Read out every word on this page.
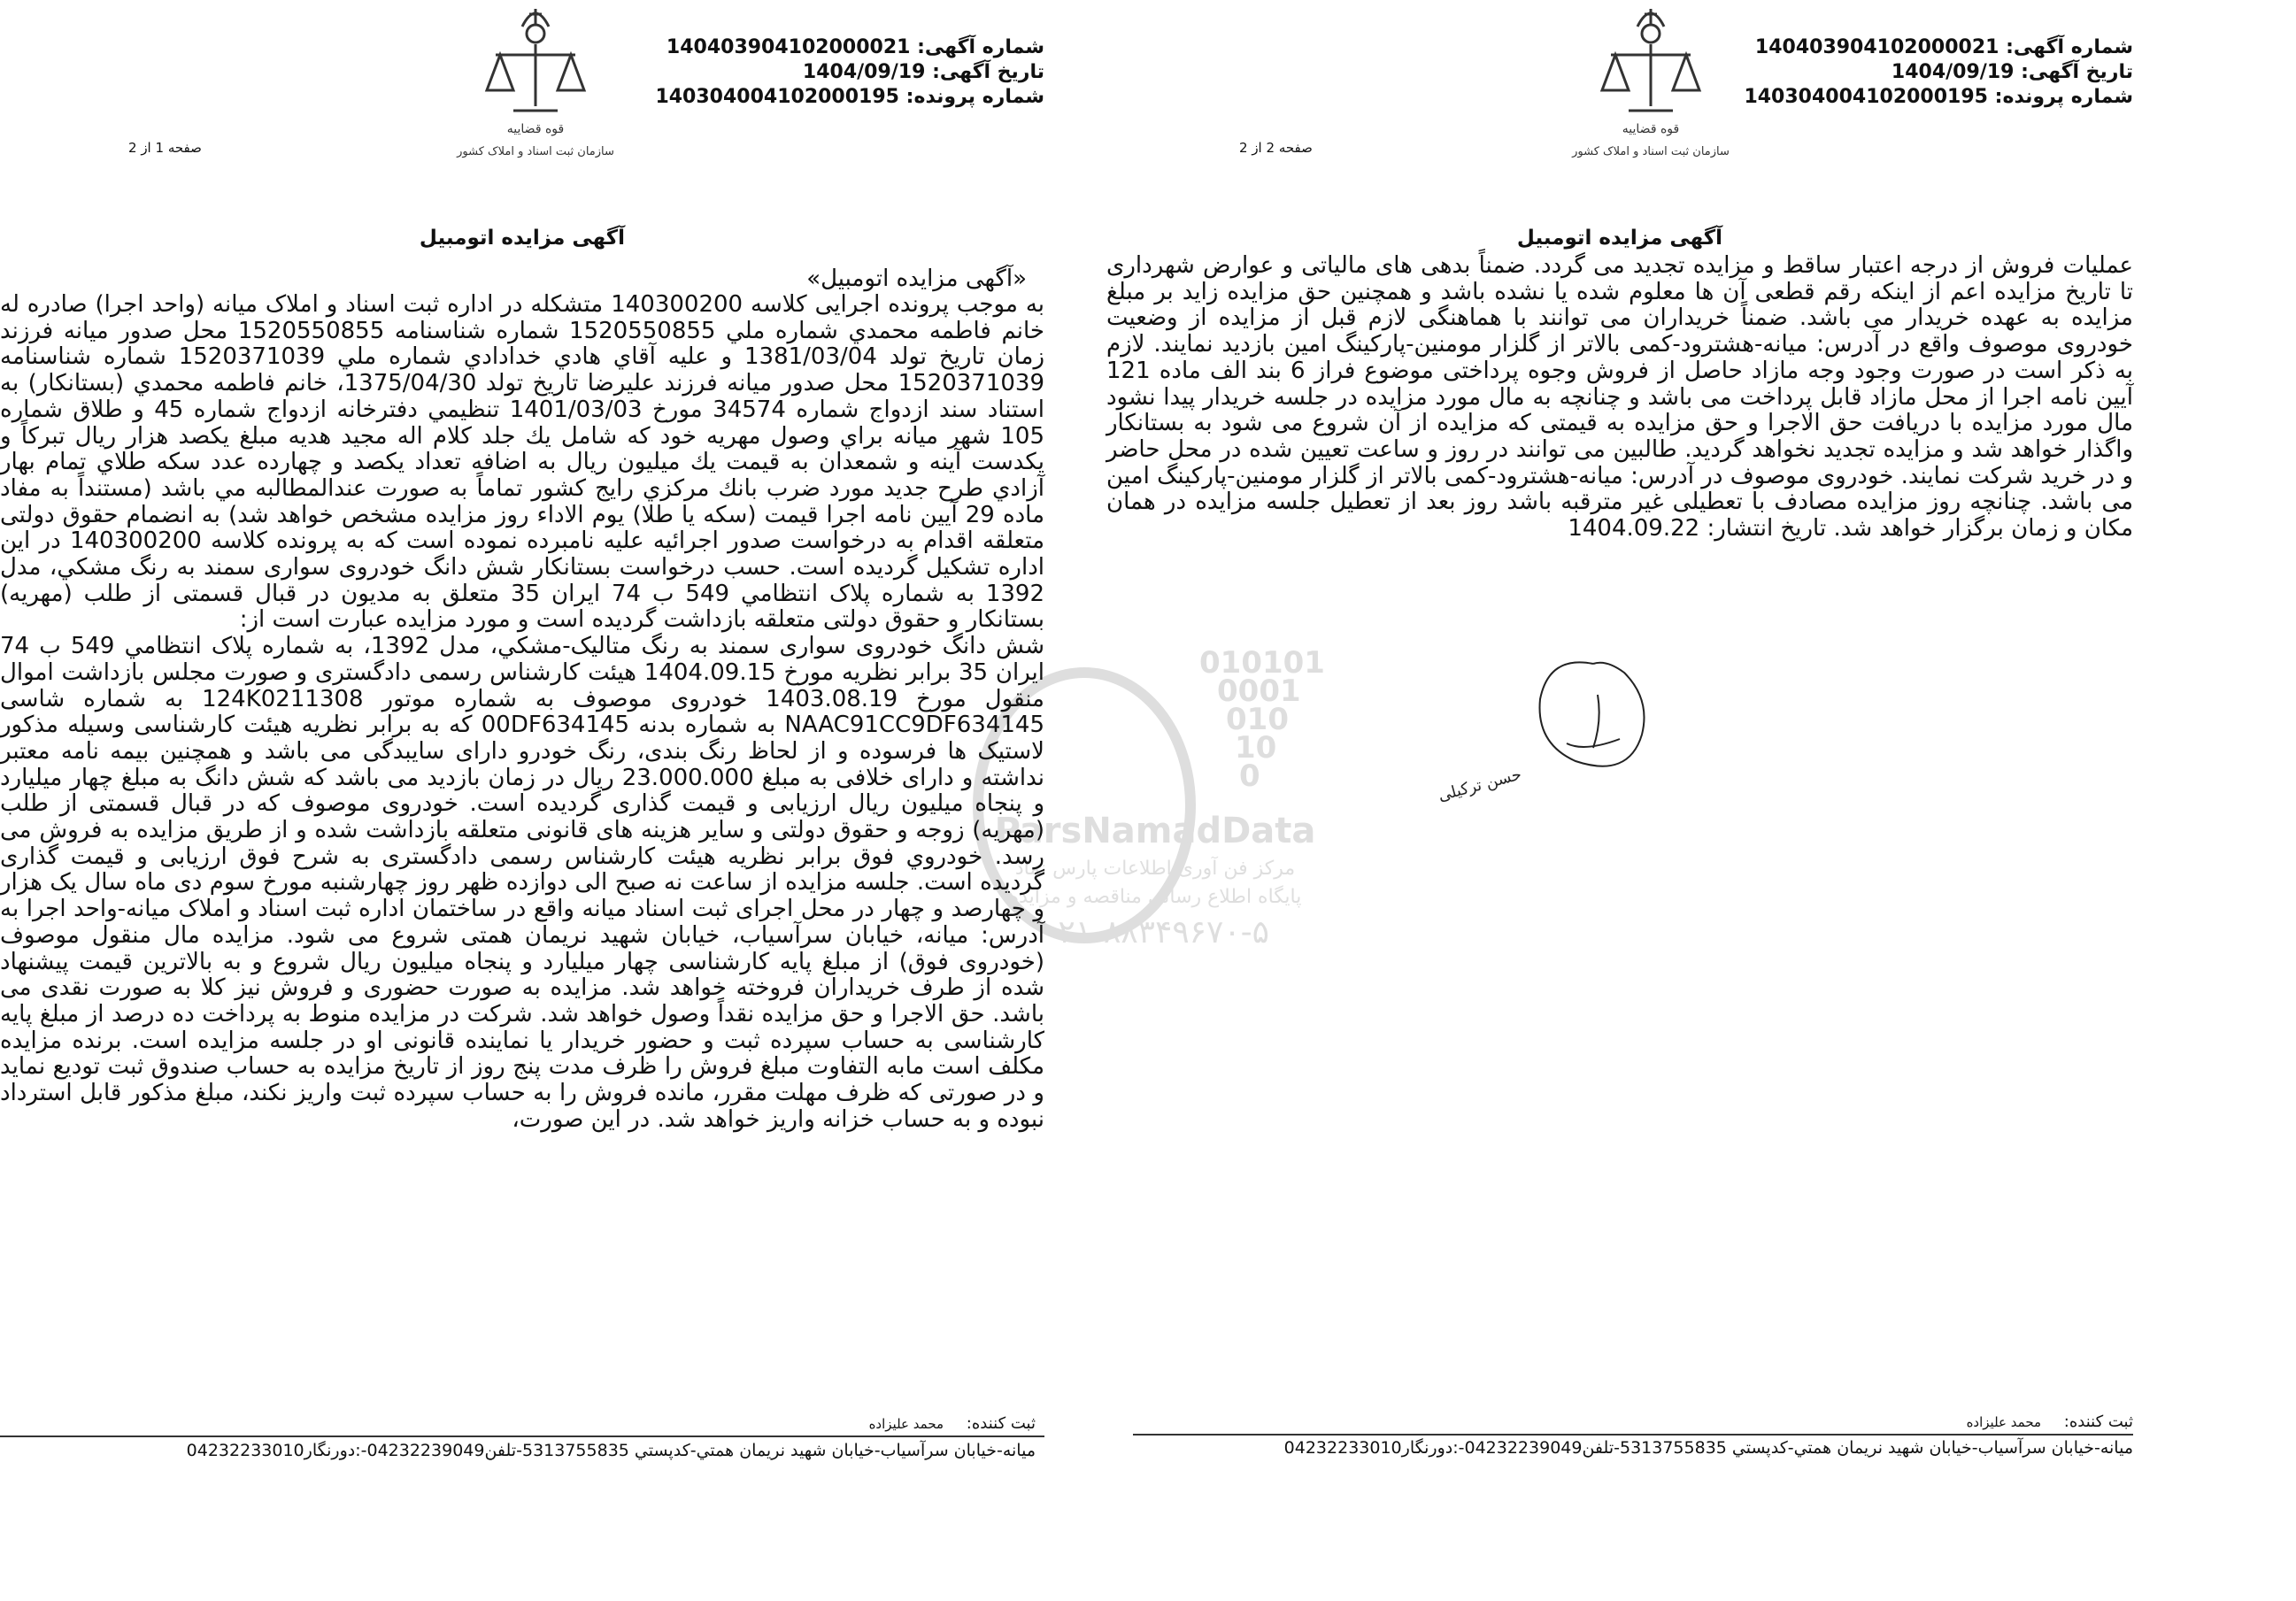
قوه قضاییه
سازمان ثبت اسناد و املاک کشور
شماره آگهی: 140403904102000021
تاریخ آگهی: 1404/09/19
شماره پرونده: 140304004102000195
صفحه 2 از 2
آگهی مزایده اتومبیل

عملیات فروش از درجه اعتبار ساقط و مزایده تجدید می گردد. ضمناً بدهی های مالیاتی و عوارض شهرداری تا تاریخ مزایده اعم از اینکه رقم قطعی آن ها معلوم شده یا نشده باشد و همچنین حق مزایده زاید بر مبلغ مزایده به عهده خریدار می باشد. ضمناً خریداران می توانند با هماهنگی لازم قبل از مزایده از وضعیت خودروی موصوف واقع در آدرس: میانه-هشترود-کمی بالاتر از گلزار مومنین-پارکینگ امین بازدید نمایند. لازم به ذکر است در صورت وجود وجه مازاد حاصل از فروش وجوه پرداختی موضوع فراز 6 بند الف ماده 121 آیین نامه اجرا از محل مازاد قابل پرداخت می باشد و چنانچه به مال مورد مزایده در جلسه خریدار پیدا نشود مال مورد مزایده با دریافت حق الاجرا و حق مزایده به قیمتی که مزایده از آن شروع می شود به بستانکار واگذار خواهد شد و مزایده تجدید نخواهد گردید. طالبین می توانند در روز و ساعت تعیین شده در محل حاضر و در خرید شرکت نمایند. خودروی موصوف در آدرس: میانه-هشترود-کمی بالاتر از گلزار مومنین-پارکینگ امین می باشد. چنانچه روز مزایده مصادف با تعطیلی غیر مترقبه باشد روز بعد از تعطیل جلسه مزایده در همان مکان و زمان برگزار خواهد شد. تاریخ انتشار: 1404.09.22

ثبت کننده: محمد علیزاده
میانه-خیابان سرآسیاب-خیابان شهید نریمان همتي-کدپستي 5313755835-تلفن04232239049-:دورنگار04232233010
حسن ترکیلی
010101
0001
010
10
0
ParsNamadData
مرکز فن آوری اطلاعات پارس نماد
پایگاه اطلاع رسانی مناقصه و مزایده
۰۲۱-۸۸۳۴۹۶۷۰-۵
قوه قضاییه
سازمان ثبت اسناد و املاک کشور
شماره آگهی: 140403904102000021
تاریخ آگهی: 1404/09/19
شماره پرونده: 140304004102000195
صفحه 1 از 2
آگهی مزایده اتومبیل
«آگهی مزایده اتومبیل»

به موجب پرونده اجرایی کلاسه 140300200 متشکله در اداره ثبت اسناد و املاک میانه (واحد اجرا) صادره له خانم فاطمه محمدي شماره ملي 1520550855 شماره شناسنامه 1520550855 محل صدور میانه فرزند زمان تاریخ تولد 1381/03/04 و علیه آقاي هادي خدادادي شماره ملي 1520371039 شماره شناسنامه 1520371039 محل صدور میانه فرزند علیرضا تاریخ تولد 1375/04/30، خانم فاطمه محمدي (بستانکار) به استناد سند ازدواج شماره 34574 مورخ 1401/03/03 تنظیمي دفترخانه ازدواج شماره 45 و طلاق شماره 105 شهر میانه براي وصول مهریه خود که شامل یك جلد کلام اله مجید هدیه مبلغ یکصد هزار ریال تبرکاً و یکدست آینه و شمعدان به قیمت یك میلیون ریال به اضافه تعداد یکصد و چهارده عدد سکه طلاي تمام بهار آزادي طرح جدید مورد ضرب بانك مرکزي رایج کشور تماماً به صورت عندالمطالبه مي باشد (مستنداً به مفاد ماده 29 آیین نامه اجرا قیمت (سکه یا طلا) یوم الاداء روز مزایده مشخص خواهد شد) به انضمام حقوق دولتی متعلقه اقدام به درخواست صدور اجرائیه علیه نامبرده نموده است که به پرونده کلاسه 140300200 در این اداره تشکیل گردیده است. حسب درخواست بستانکار شش دانگ خودروی سواری سمند به رنگ مشکي، مدل 1392 به شماره پلاک انتظامي 549 ب 74 ایران 35 متعلق به مدیون در قبال قسمتی از طلب (مهریه) بستانکار و حقوق دولتی متعلقه بازداشت گردیده است و مورد مزایده عبارت است از:

شش دانگ خودروی سواری سمند به رنگ متالیک-مشکي، مدل 1392، به شماره پلاک انتظامي 549 ب 74 ایران 35 برابر نظریه مورخ 1404.09.15 هیئت کارشناس رسمی دادگستری و صورت مجلس بازداشت اموال منقول مورخ 1403.08.19 خودروی موصوف به شماره موتور 124K0211308 به شماره شاسی NAAC91CC9DF634145 به شماره بدنه 00DF634145 که به برابر نظریه هیئت کارشناسی وسیله مذکور لاستیک ها فرسوده و از لحاظ رنگ بندی، رنگ خودرو دارای سایبدگی می باشد و همچنین بیمه نامه معتبر نداشته و دارای خلافی به مبلغ 23.000.000 ریال در زمان بازدید می باشد که شش دانگ به مبلغ چهار میلیارد و پنجاه میلیون ریال ارزیابی و قیمت گذاری گردیده است. خودروی موصوف که در قبال قسمتی از طلب (مهریه) زوجه و حقوق دولتی و سایر هزینه های قانونی متعلقه بازداشت شده و از طریق مزایده به فروش می رسد. خودروي فوق برابر نظریه هیئت کارشناس رسمی دادگستری به شرح فوق ارزیابی و قیمت گذاری گردیده است. جلسه مزایده از ساعت نه صبح الی دوازده ظهر روز چهارشنبه مورخ سوم دی ماه سال یک هزار و چهارصد و چهار در محل اجرای ثبت اسناد میانه واقع در ساختمان اداره ثبت اسناد و املاک میانه-واحد اجرا به آدرس: میانه، خیابان سرآسیاب، خیابان شهید نریمان همتی شروع می شود. مزایده مال منقول موصوف (خودروی فوق) از مبلغ پایه کارشناسی چهار میلیارد و پنجاه میلیون ریال شروع و به بالاترین قیمت پیشنهاد شده از طرف خریداران فروخته خواهد شد. مزایده به صورت حضوری و فروش نیز کلا به صورت نقدی می باشد. حق الاجرا و حق مزایده نقداً وصول خواهد شد. شرکت در مزایده منوط به پرداخت ده درصد از مبلغ پایه کارشناسی به حساب سپرده ثبت و حضور خریدار یا نماینده قانونی او در جلسه مزایده است. برنده مزایده مکلف است مابه التفاوت مبلغ فروش را ظرف مدت پنج روز از تاریخ مزایده به حساب صندوق ثبت تودیع نماید و در صورتی که ظرف مهلت مقرر، مانده فروش را به حساب سپرده ثبت واریز نکند، مبلغ مذکور قابل استرداد نبوده و به حساب خزانه واریز خواهد شد. در این صورت،

ثبت کننده: محمد علیزاده
میانه-خیابان سرآسیاب-خیابان شهید نریمان همتي-کدپستي 5313755835-تلفن04232239049-:دورنگار04232233010
